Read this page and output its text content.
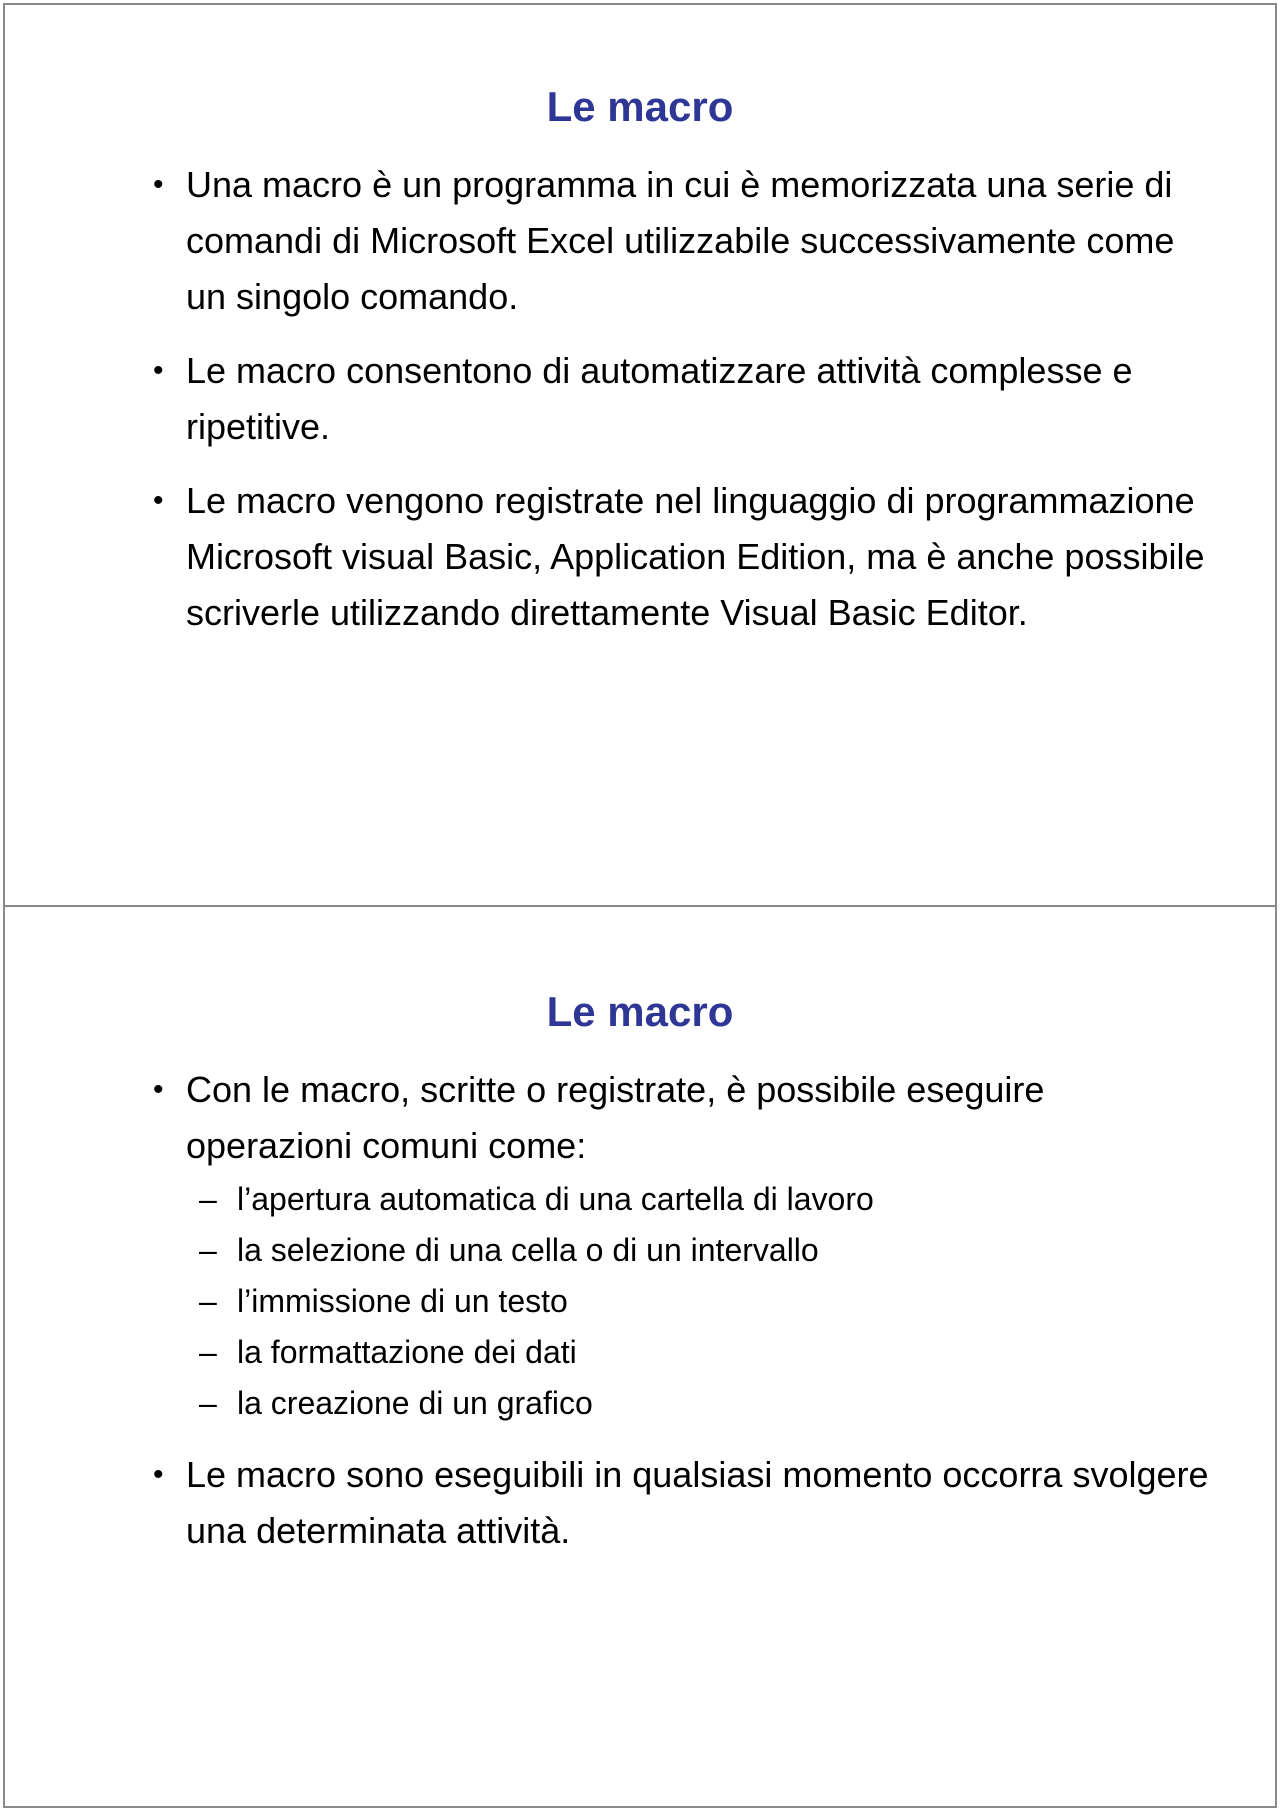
Le macro
• Una macro è un programma in cui è memorizzata una serie di comandi di Microsoft Excel utilizzabile successivamente come un singolo comando.
• Le macro consentono di automatizzare attività complesse e ripetitive.
• Le macro vengono registrate nel linguaggio di programmazione Microsoft visual Basic, Application Edition, ma è anche possibile scriverle utilizzando direttamente Visual Basic Editor.
Le macro
• Con le macro, scritte o registrate, è possibile eseguire operazioni comuni come:
– l’apertura automatica di una cartella di lavoro
– la selezione di una cella o di un intervallo
– l’immissione di un testo
– la formattazione dei dati
– la creazione di un grafico
• Le macro sono eseguibili in qualsiasi momento occorra svolgere una determinata attività.
